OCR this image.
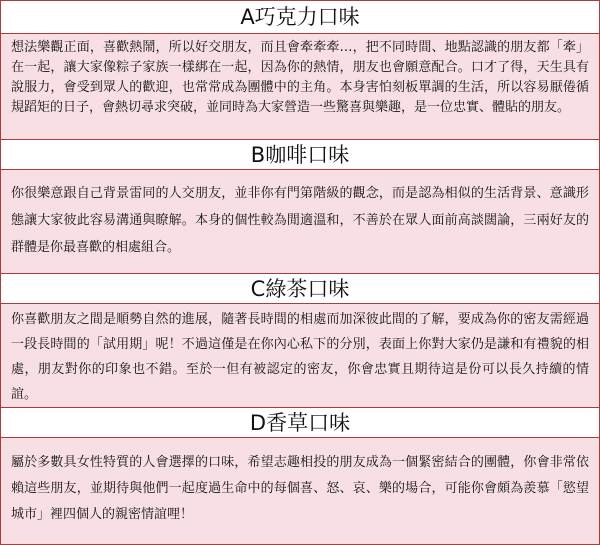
A巧克力口味
想法樂觀正面，喜歡熱鬧，所以好交朋友，而且會牽牽牽…，把不同時間、地點認識的朋友都「牽」在一起，讓大家像粽子家族一樣綁在一起，因為你的熱情，朋友也會願意配合。口才了得，天生具有說服力，會受到眾人的歡迎，也常常成為團體中的主角。本身害怕刻板單調的生活，所以容易厭倦循規蹈矩的日子，會熱切尋求突破，並同時為大家營造一些驚喜與樂趣，是一位忠實、體貼的朋友。
B咖啡口味
你很樂意跟自己背景雷同的人交朋友，並非你有門第階級的觀念，而是認為相似的生活背景、意識形態讓大家彼此容易溝通與瞭解。本身的個性較為閒適溫和，不善於在眾人面前高談闊論，三兩好友的群體是你最喜歡的相處組合。
C綠茶口味
你喜歡朋友之間是順勢自然的進展，隨著長時間的相處而加深彼此間的了解，要成為你的密友需經過一段長時間的「試用期」呢！不過這僅是在你內心私下的分別，表面上你對大家仍是謙和有禮貌的相處，朋友對你的印象也不錯。至於一但有被認定的密友，你會忠實且期待這是份可以長久持續的情誼。
D香草口味
屬於多數具女性特質的人會選擇的口味，希望志趣相投的朋友成為一個緊密結合的團體，你會非常依賴這些朋友，並期待與他們一起度過生命中的每個喜、怒、哀、樂的場合，可能你會頗為羨慕「慾望城市」裡四個人的親密情誼哩！
